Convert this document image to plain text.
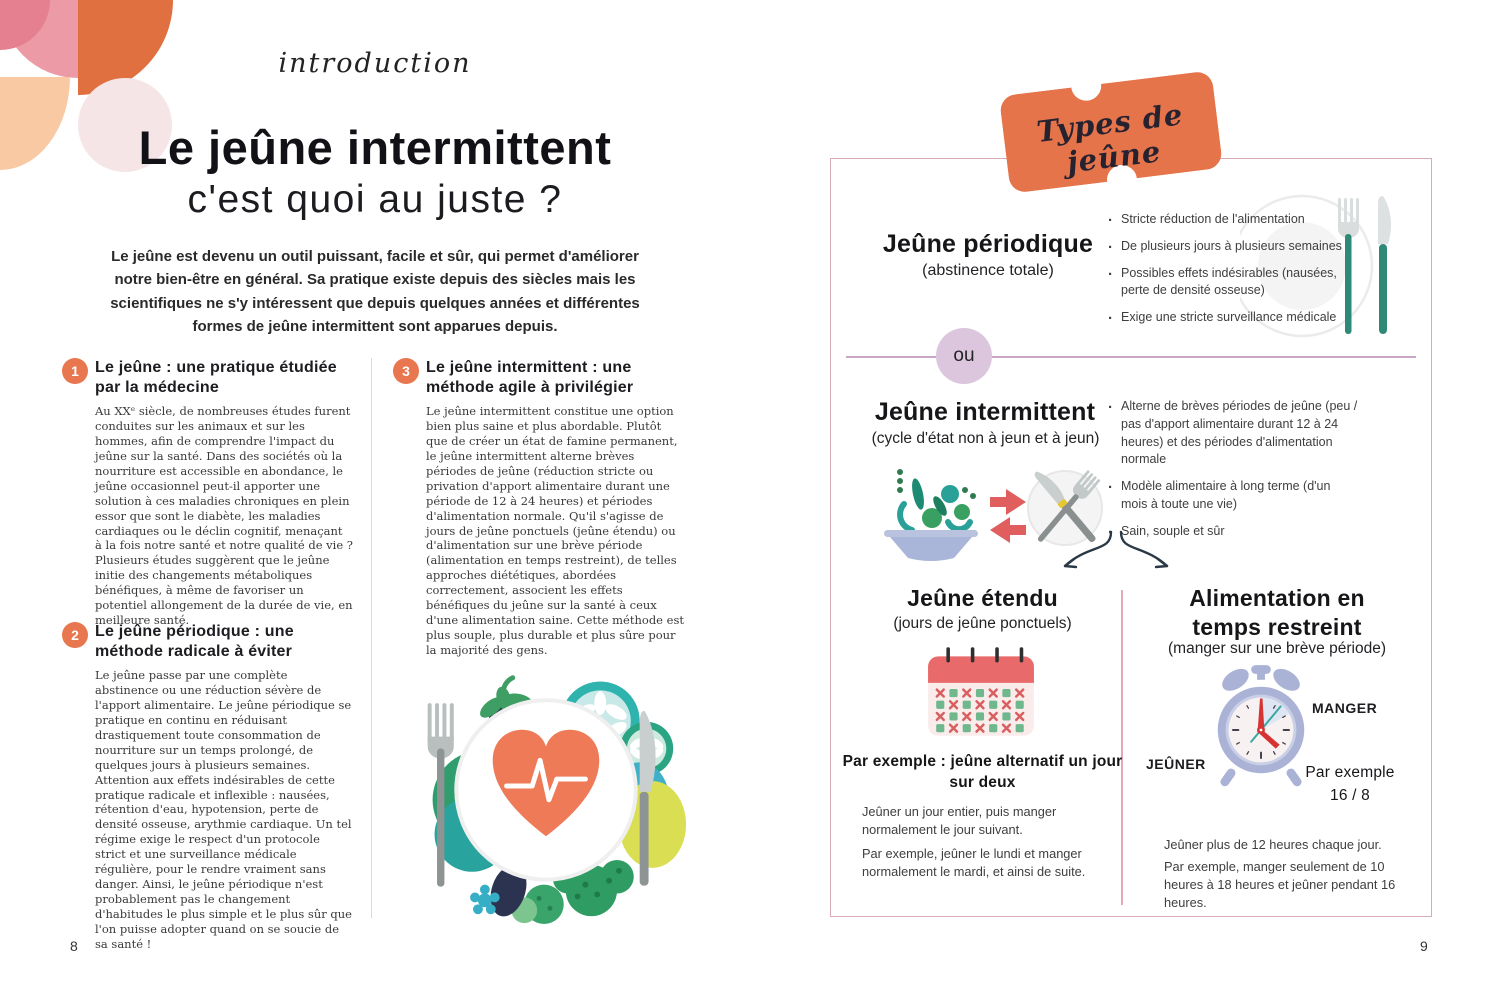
introduction
Le jeûne intermittent
c'est quoi au juste ?
Le jeûne est devenu un outil puissant, facile et sûr, qui permet d'améliorer notre bien-être en général. Sa pratique existe depuis des siècles mais les scientifiques ne s'y intéressent que depuis quelques années et différentes formes de jeûne intermittent sont apparues depuis.
1	Le jeûne : une pratique étudiée par la médecine
Au XXᵉ siècle, de nombreuses études furent conduites sur les animaux et sur les hommes, afin de comprendre l'impact du jeûne sur la santé. Dans des sociétés où la nourriture est accessible en abondance, le jeûne occasionnel peut-il apporter une solution à ces maladies chroniques en plein essor que sont le diabète, les maladies cardiaques ou le déclin cognitif, menaçant à la fois notre santé et notre qualité de vie ? Plusieurs études suggèrent que le jeûne initie des changements métaboliques bénéfiques, à même de favoriser un potentiel allongement de la durée de vie, en meilleure santé.
2	Le jeûne périodique : une méthode radicale à éviter
Le jeûne passe par une complète abstinence ou une réduction sévère de l'apport alimentaire. Le jeûne périodique se pratique en continu en réduisant drastiquement toute consommation de nourriture sur un temps prolongé, de quelques jours à plusieurs semaines. Attention aux effets indésirables de cette pratique radicale et inflexible : nausées, rétention d'eau, hypotension, perte de densité osseuse, arythmie cardiaque. Un tel régime exige le respect d'un protocole strict et une surveillance médicale régulière, pour le rendre vraiment sans danger. Ainsi, le jeûne périodique n'est probablement pas le changement d'habitudes le plus simple et le plus sûr que l'on puisse adopter quand on se soucie de sa santé !
3	Le jeûne intermittent : une méthode agile à privilégier
Le jeûne intermittent constitue une option bien plus saine et plus abordable. Plutôt que de créer un état de famine permanent, le jeûne intermittent alterne brèves périodes de jeûne (réduction stricte ou privation d'apport alimentaire durant une période de 12 à 24 heures) et périodes d'alimentation normale. Qu'il s'agisse de jours de jeûne ponctuels (jeûne étendu) ou d'alimentation sur une brève période (alimentation en temps restreint), de telles approches diététiques, abordées correctement, associent les effets bénéfiques du jeûne sur la santé à ceux d'une alimentation saine. Cette méthode est plus souple, plus durable et plus sûre pour la majorité des gens.
8
Types de jeûne
Jeûne périodique
(abstinence totale)
· Stricte réduction de l'alimentation
· De plusieurs jours à plusieurs semaines
· Possibles effets indésirables (nausées, perte de densité osseuse)
· Exige une stricte surveillance médicale
ou
Jeûne intermittent
(cycle d'état non à jeun et à jeun)
· Alterne de brèves périodes de jeûne (peu / pas d'apport alimentaire durant 12 à 24 heures) et des périodes d'alimentation normale
· Modèle alimentaire à long terme (d'un mois à toute une vie)
· Sain, souple et sûr
Jeûne étendu
(jours de jeûne ponctuels)
Par exemple : jeûne alternatif un jour sur deux
Jeûner un jour entier, puis manger normalement le jour suivant.
Par exemple, jeûner le lundi et manger normalement le mardi, et ainsi de suite.
Alimentation en temps restreint
(manger sur une brève période)
MANGER
JEÛNER	Par exemple
16 / 8
Jeûner plus de 12 heures chaque jour.
Par exemple, manger seulement de 10 heures à 18 heures et jeûner pendant 16 heures.
9
